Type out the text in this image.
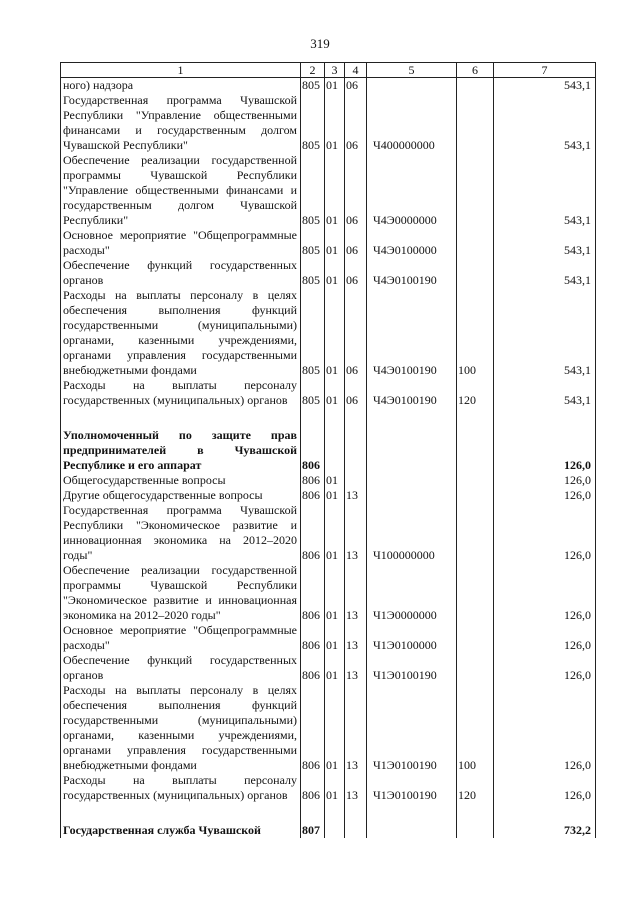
319
1	2	3	4	5	6	7
ного) надзора	805	01	06			543,1
Государственная программа Чувашской Республики "Управление общественными финансами и государственным долгом Чувашской Республики"	805	01	06	Ч400000000		543,1
Обеспечение реализации государственной программы Чувашской Республики "Управление общественными финансами и государственным долгом Чувашской Республики"	805	01	06	Ч4Э0000000		543,1
Основное мероприятие "Общепрограммные расходы"	805	01	06	Ч4Э0100000		543,1
Обеспечение функций государственных органов	805	01	06	Ч4Э0100190		543,1
Расходы на выплаты персоналу в целях обеспечения выполнения функций государственными (муниципальными) органами, казенными учреждениями, органами управления государственными внебюджетными фондами	805	01	06	Ч4Э0100190	100	543,1
Расходы на выплаты персоналу государственных (муниципальных) органов	805	01	06	Ч4Э0100190	120	543,1

Уполномоченный по защите прав предпринимателей в Чувашской Республике и его аппарат	806					126,0
Общегосударственные вопросы	806	01				126,0
Другие общегосударственные вопросы	806	01	13			126,0
Государственная программа Чувашской Республики "Экономическое развитие и инновационная экономика на 2012–2020 годы"	806	01	13	Ч100000000		126,0
Обеспечение реализации государственной программы Чувашской Республики "Экономическое развитие и инновационная экономика на 2012–2020 годы"	806	01	13	Ч1Э0000000		126,0
Основное мероприятие "Общепрограммные расходы"	806	01	13	Ч1Э0100000		126,0
Обеспечение функций государственных органов	806	01	13	Ч1Э0100190		126,0
Расходы на выплаты персоналу в целях обеспечения выполнения функций государственными (муниципальными) органами, казенными учреждениями, органами управления государственными внебюджетными фондами	806	01	13	Ч1Э0100190	100	126,0
Расходы на выплаты персоналу государственных (муниципальных) органов	806	01	13	Ч1Э0100190	120	126,0

Государственная служба Чувашской	807					732,2
